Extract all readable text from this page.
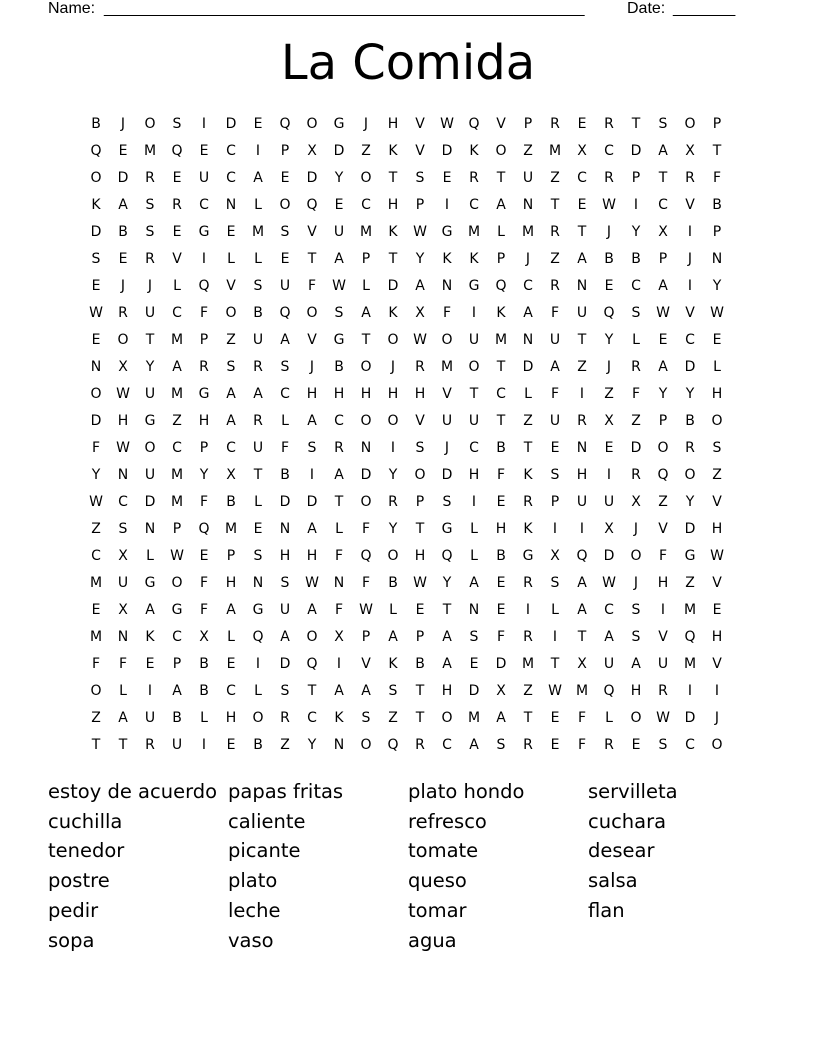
Name: ______________________________________________________	Date: _______
La Comida
B	J	O	S	I	D	E	Q	O	G	J	H	V	W	Q	V	P	R	E	R	T	S	O	P
Q	E	M	Q	E	C	I	P	X	D	Z	K	V	D	K	O	Z	M	X	C	D	A	X	T
O	D	R	E	U	C	A	E	D	Y	O	T	S	E	R	T	U	Z	C	R	P	T	R	F
K	A	S	R	C	N	L	O	Q	E	C	H	P	I	C	A	N	T	E	W	I	C	V	B
D	B	S	E	G	E	M	S	V	U	M	K	W	G	M	L	M	R	T	J	Y	X	I	P
S	E	R	V	I	L	L	E	T	A	P	T	Y	K	K	P	J	Z	A	B	B	P	J	N
E	J	J	L	Q	V	S	U	F	W	L	D	A	N	G	Q	C	R	N	E	C	A	I	Y
W	R	U	C	F	O	B	Q	O	S	A	K	X	F	I	K	A	F	U	Q	S	W	V	W
E	O	T	M	P	Z	U	A	V	G	T	O	W	O	U	M	N	U	T	Y	L	E	C	E
N	X	Y	A	R	S	R	S	J	B	O	J	R	M	O	T	D	A	Z	J	R	A	D	L
O	W	U	M	G	A	A	C	H	H	H	H	H	V	T	C	L	F	I	Z	F	Y	Y	H
D	H	G	Z	H	A	R	L	A	C	O	O	V	U	U	T	Z	U	R	X	Z	P	B	O
F	W	O	C	P	C	U	F	S	R	N	I	S	J	C	B	T	E	N	E	D	O	R	S
Y	N	U	M	Y	X	T	B	I	A	D	Y	O	D	H	F	K	S	H	I	R	Q	O	Z
W	C	D	M	F	B	L	D	D	T	O	R	P	S	I	E	R	P	U	U	X	Z	Y	V
Z	S	N	P	Q	M	E	N	A	L	F	Y	T	G	L	H	K	I	I	X	J	V	D	H
C	X	L	W	E	P	S	H	H	F	Q	O	H	Q	L	B	G	X	Q	D	O	F	G	W
M	U	G	O	F	H	N	S	W	N	F	B	W	Y	A	E	R	S	A	W	J	H	Z	V
E	X	A	G	F	A	G	U	A	F	W	L	E	T	N	E	I	L	A	C	S	I	M	E
M	N	K	C	X	L	Q	A	O	X	P	A	P	A	S	F	R	I	T	A	S	V	Q	H
F	F	E	P	B	E	I	D	Q	I	V	K	B	A	E	D	M	T	X	U	A	U	M	V
O	L	I	A	B	C	L	S	T	A	A	S	T	H	D	X	Z	W	M	Q	H	R	I	I
Z	A	U	B	L	H	O	R	C	K	S	Z	T	O	M	A	T	E	F	L	O	W	D	J
T	T	R	U	I	E	B	Z	Y	N	O	Q	R	C	A	S	R	E	F	R	E	S	C	O
estoy de acuerdo
cuchilla
tenedor
postre
pedir
sopa
papas fritas
caliente
picante
plato
leche
vaso
plato hondo
refresco
tomate
queso
tomar
agua
servilleta
cuchara
desear
salsa
flan
